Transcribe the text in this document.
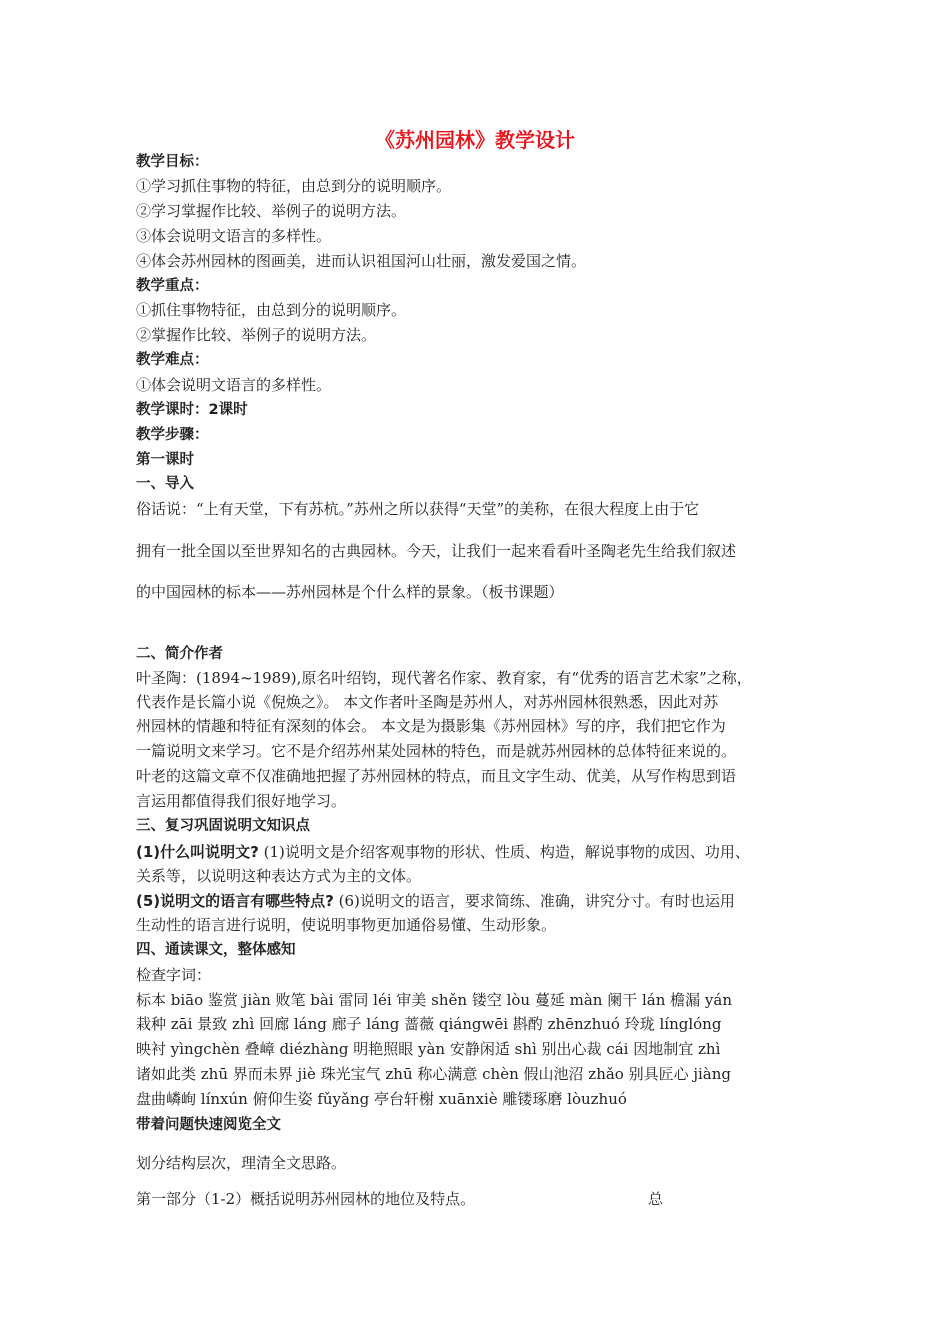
《苏州园林》教学设计
教学目标：
①学习抓住事物的特征，由总到分的说明顺序。
②学习掌握作比较、举例子的说明方法。
③体会说明文语言的多样性。
④体会苏州园林的图画美，进而认识祖国河山壮丽，激发爱国之情。
教学重点：
①抓住事物特征，由总到分的说明顺序。
②掌握作比较、举例子的说明方法。
教学难点：
①体会说明文语言的多样性。
教学课时：2课时
教学步骤：
第一课时
一、导入
俗话说：“上有天堂，下有苏杭。”苏州之所以获得“天堂”的美称，在很大程度上由于它
拥有一批全国以至世界知名的古典园林。今天，让我们一起来看看叶圣陶老先生给我们叙述
的中国园林的标本——苏州园林是个什么样的景象。（板书课题）
二、简介作者
叶圣陶：(1894~1989),原名叶绍钧，现代著名作家、教育家，有“优秀的语言艺术家”之称，
代表作是长篇小说《倪焕之》。 本文作者叶圣陶是苏州人，对苏州园林很熟悉，因此对苏
州园林的情趣和特征有深刻的体会。 本文是为摄影集《苏州园林》写的序，我们把它作为
一篇说明文来学习。它不是介绍苏州某处园林的特色，而是就苏州园林的总体特征来说的。
叶老的这篇文章不仅准确地把握了苏州园林的特点，而且文字生动、优美，从写作构思到语
言运用都值得我们很好地学习。
三、复习巩固说明文知识点
(1)什么叫说明文? (1)说明文是介绍客观事物的形状、性质、构造，解说事物的成因、功用、
关系等，以说明这种表达方式为主的文体。
(5)说明文的语言有哪些特点? (6)说明文的语言，要求简练、准确，讲究分寸。有时也运用
生动性的语言进行说明，使说明事物更加通俗易懂、生动形象。
四、通读课文，整体感知
检查字词：
标本 biāo 鉴赏 jiàn 败笔 bài 雷同 léi 审美 shěn 镂空 lòu 蔓延 màn 阑干 lán 檐漏 yán
栽种 zāi 景致 zhì 回廊 láng 廊子 láng 蔷薇 qiángwēi 斟酌 zhēnzhuó 玲珑 línglóng
映衬 yìngchèn 叠嶂 diézhàng 明艳照眼 yàn 安静闲适 shì 别出心裁 cái 因地制宜 zhì
诸如此类 zhū 界而未界 jiè 珠光宝气 zhū 称心满意 chèn 假山池沼 zhǎo 别具匠心 jiàng
盘曲嶙峋 línxún 俯仰生姿 fǔyǎng 亭台轩榭 xuānxiè 雕镂琢磨 lòuzhuó
带着问题快速阅览全文
划分结构层次，理清全文思路。
第一部分（1-2）概括说明苏州园林的地位及特点。	总
